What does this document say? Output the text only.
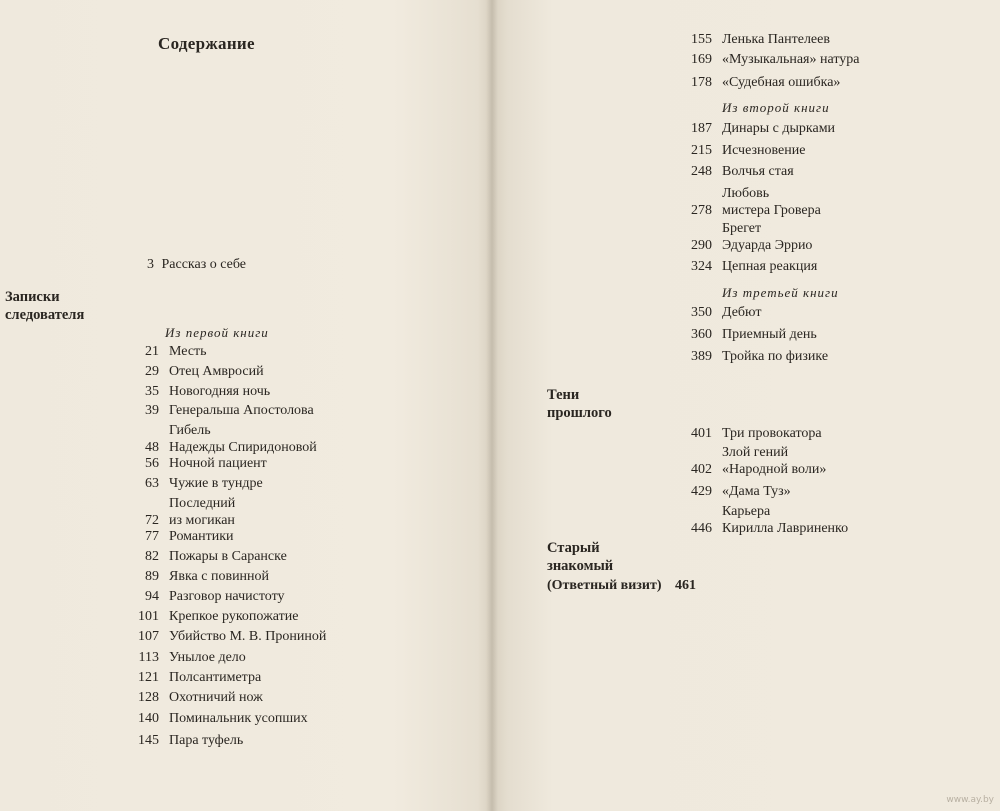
Содержание
3 Рассказ о себе
Записки
следователя
Из первой книги
21 Месть
29 Отец Амвросий
35 Новогодняя ночь
39 Генеральша Апостолова
48
Гибель
Надежды Спиридоновой
56 Ночной пациент
63 Чужие в тундре
72
Последний
из могикан
77 Романтики
82 Пожары в Саранске
89 Явка с повинной
94 Разговор начистоту
101 Крепкое рукопожатие
107 Убийство М. В. Прониной
113 Унылое дело
121 Полсантиметра
128 Охотничий нож
140 Поминальник усопших
145 Пара туфель
155 Ленька Пантелеев
169 «Музыкальная» натура
178 «Судебная ошибка»
Из второй книги
187 Динары с дырками
215 Исчезновение
248 Волчья стая
278
Любовь
мистера Гровера
290
Брегет
Эдуарда Эррио
324 Цепная реакция
Из третьей книги
350 Дебют
360 Приемный день
389 Тройка по физике
Тени
прошлого
401 Три провокатора
402
Злой гений
«Народной воли»
429 «Дама Туз»
446
Карьера
Кирилла Лавриненко
Старый
знакомый
(Ответный визит) 461
www.ay.by
